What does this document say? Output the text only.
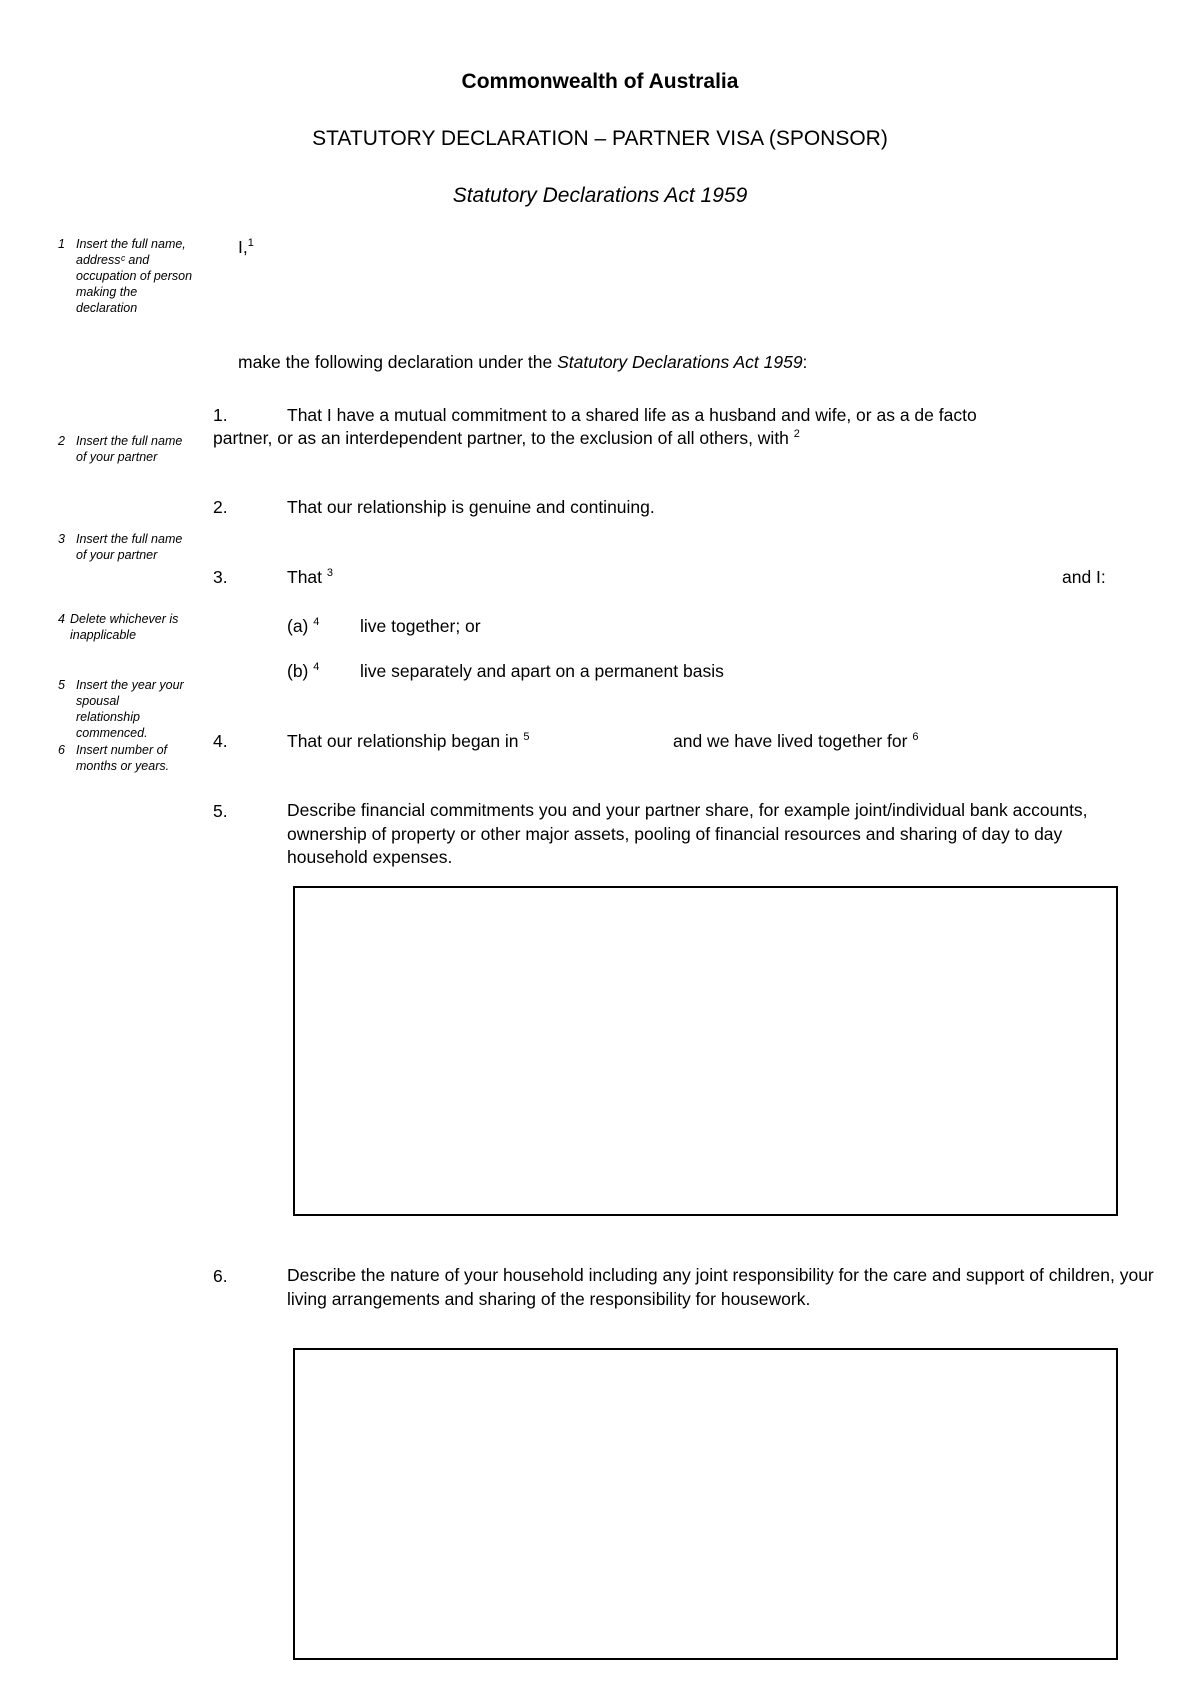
Commonwealth of Australia
STATUTORY DECLARATION – PARTNER VISA (SPONSOR)
Statutory Declarations Act 1959
1 Insert the full name, addressᶜ and occupation of person making the declaration
2 Insert the full name of your partner
3 Insert the full name of your partner
4 Delete whichever is inapplicable
5 Insert the year your spousal relationship commenced.
6 Insert number of months or years.
I,$^1$
make the following declaration under the Statutory Declarations Act 1959:
1.	That I have a mutual commitment to a shared life as a husband and wife, or as a de facto
partner, or as an interdependent partner, to the exclusion of all others, with $^2$
2.	That our relationship is genuine and continuing.
3.	That $^3$	and I:
(a) $^4$ live together; or
(b) $^4$ live separately and apart on a permanent basis
4.	That our relationship began in $^5$	and we have lived together for $^6$
5.	Describe financial commitments you and your partner share, for example joint/individual bank accounts, ownership of property or other major assets, pooling of financial resources and sharing of day to day household expenses.
6.	Describe the nature of your household including any joint responsibility for the care and support of children, your living arrangements and sharing of the responsibility for housework.
